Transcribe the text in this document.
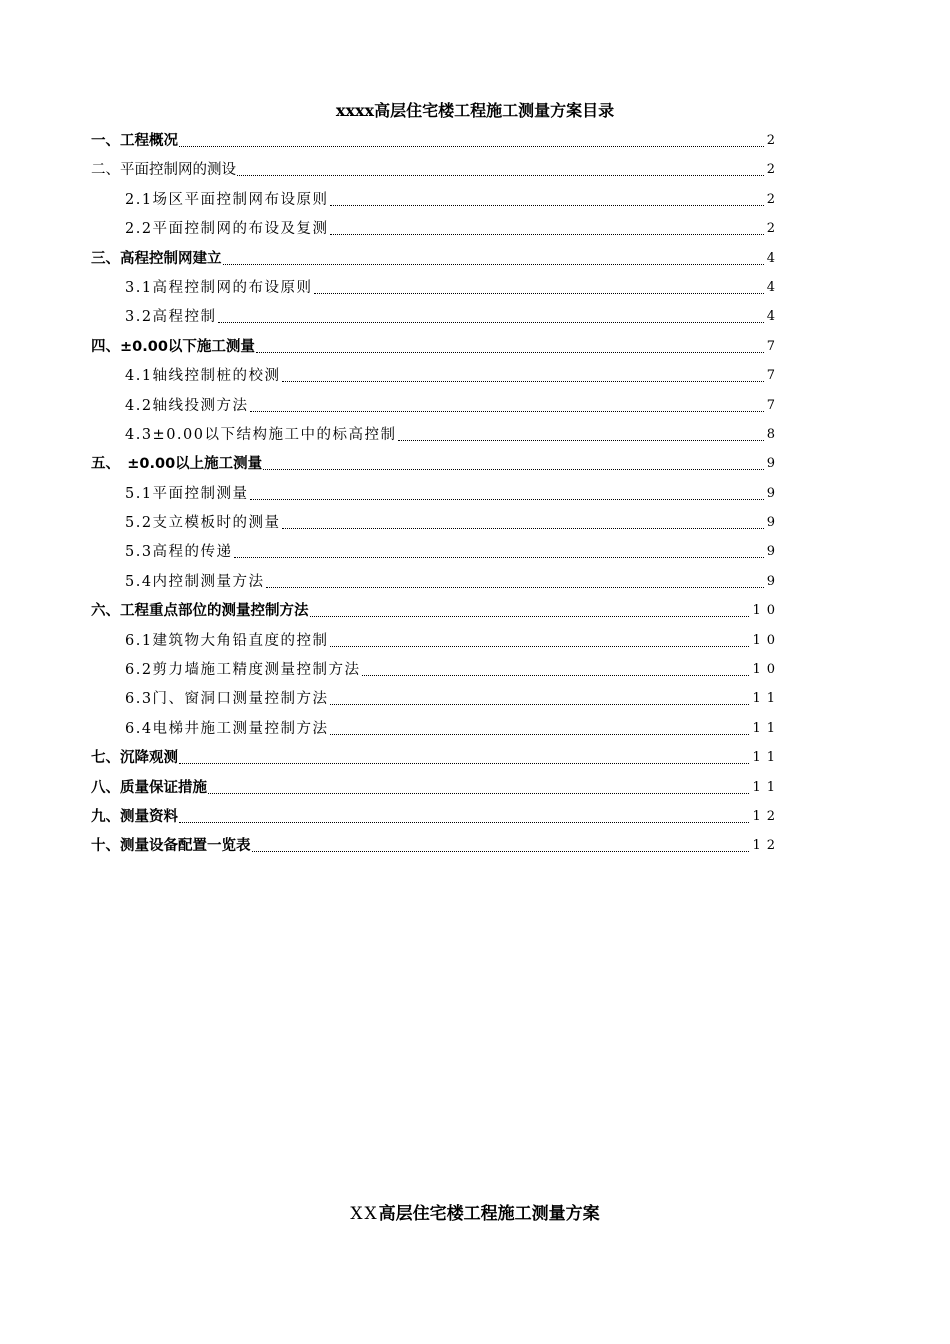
xxxx高层住宅楼工程施工测量方案目录
一、工程概况	2
二、平面控制网的测设	2
2.1场区平面控制网布设原则	2
2.2平面控制网的布设及复测	2
三、高程控制网建立	4
3.1高程控制网的布设原则	4
3.2高程控制	4
四、±0.00以下施工测量	7
4.1轴线控制桩的校测	7
4.2轴线投测方法	7
4.3±0.00以下结构施工中的标高控制	8
五、　±0.00以上施工测量	9
5.1平面控制测量	9
5.2支立模板时的测量	9
5.3高程的传递	9
5.4内控制测量方法	9
六、工程重点部位的测量控制方法	10
6.1建筑物大角铅直度的控制	10
6.2剪力墙施工精度测量控制方法	10
6.3门、窗洞口测量控制方法	11
6.4电梯井施工测量控制方法	11
七、沉降观测	11
八、质量保证措施	11
九、测量资料	12
十、测量设备配置一览表	12
XX高层住宅楼工程施工测量方案
